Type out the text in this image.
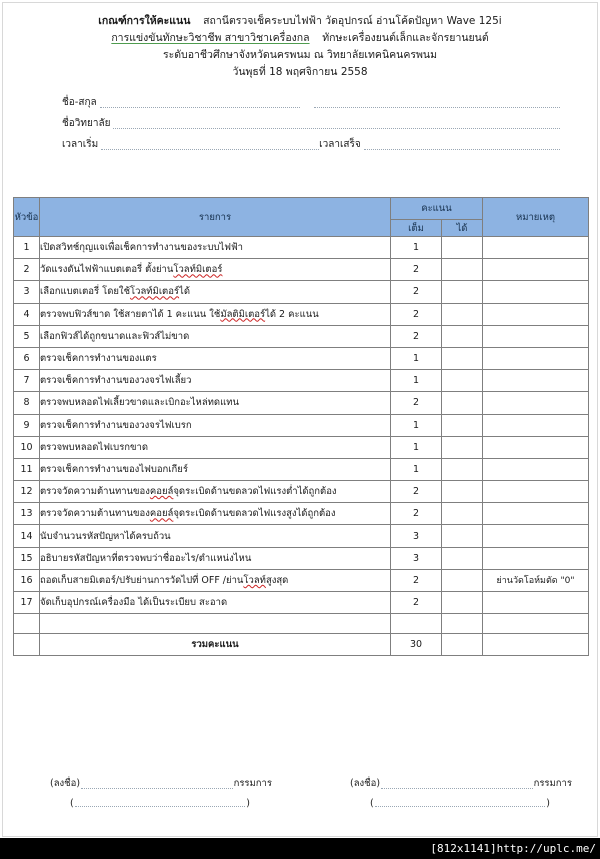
เกณฑ์การให้คะแนน สถานีตรวจเช็คระบบไฟฟ้า วัดอุปกรณ์ อ่านโค้ดปัญหา Wave 125i
การแข่งขันทักษะวิชาชีพ สาขาวิชาเครื่องกล ทักษะเครื่องยนต์เล็กและจักรยานยนต์
ระดับอาชีวศึกษาจังหวัดนครพนม ณ วิทยาลัยเทคนิคนครพนม
วันพุธที่ 18 พฤศจิกายน 2558
ชื่อ-สกุล
ชื่อวิทยาลัย
เวลาเริ่ม	เวลาเสร็จ
หัวข้อ	รายการ	คะแนน		หมายเหตุ
		เต็ม	ได้	
1	เปิดสวิทช์กุญแจเพื่อเช็คการทำงานของระบบไฟฟ้า	1		
2	วัดแรงดันไฟฟ้าแบตเตอรี่ ตั้งย่านโวลท์มิเตอร์	2		
3	เลือกแบตเตอรี่ โดยใช้โวลท์มิเตอร์ได้	2		
4	ตรวจพบฟิวส์ขาด ใช้สายตาได้ 1 คะแนน ใช้มัลติมิเตอร์ได้ 2 คะแนน	2		
5	เลือกฟิวส์ได้ถูกขนาดและฟิวส์ไม่ขาด	2		
6	ตรวจเช็คการทำงานของแตร	1		
7	ตรวจเช็คการทำงานของวงจรไฟเลี้ยว	1		
8	ตรวจพบหลอดไฟเลี้ยวขาดและเบิกอะไหล่ทดแทน	2		
9	ตรวจเช็คการทำงานของวงจรไฟเบรก	1		
10	ตรวจพบหลอดไฟเบรกขาด	1		
11	ตรวจเช็คการทำงานของไฟบอกเกียร์	1		
12	ตรวจวัดความต้านทานของคอยล์จุดระเบิดด้านขดลวดไฟแรงต่ำได้ถูกต้อง	2		
13	ตรวจวัดความต้านทานของคอยล์จุดระเบิดด้านขดลวดไฟแรงสูงได้ถูกต้อง	2		
14	นับจำนวนรหัสปัญหาได้ครบถ้วน	3		
15	อธิบายรหัสปัญหาที่ตรวจพบว่าชื่ออะไร/ตำแหน่งไหน	3		
16	ถอดเก็บสายมิเตอร์/ปรับย่านการวัดไปที่ OFF /ย่านโวลท์สูงสุด	2		ย่านวัดโอห์มตัด "0"
17	จัดเก็บอุปกรณ์เครื่องมือ ได้เป็นระเบียบ สะอาด	2		

	รวมคะแนน	30		
(ลงชื่อ)	กรรมการ
(	)
(ลงชื่อ)	กรรมการ
(	)
[812x1141]http://uplc.me/
